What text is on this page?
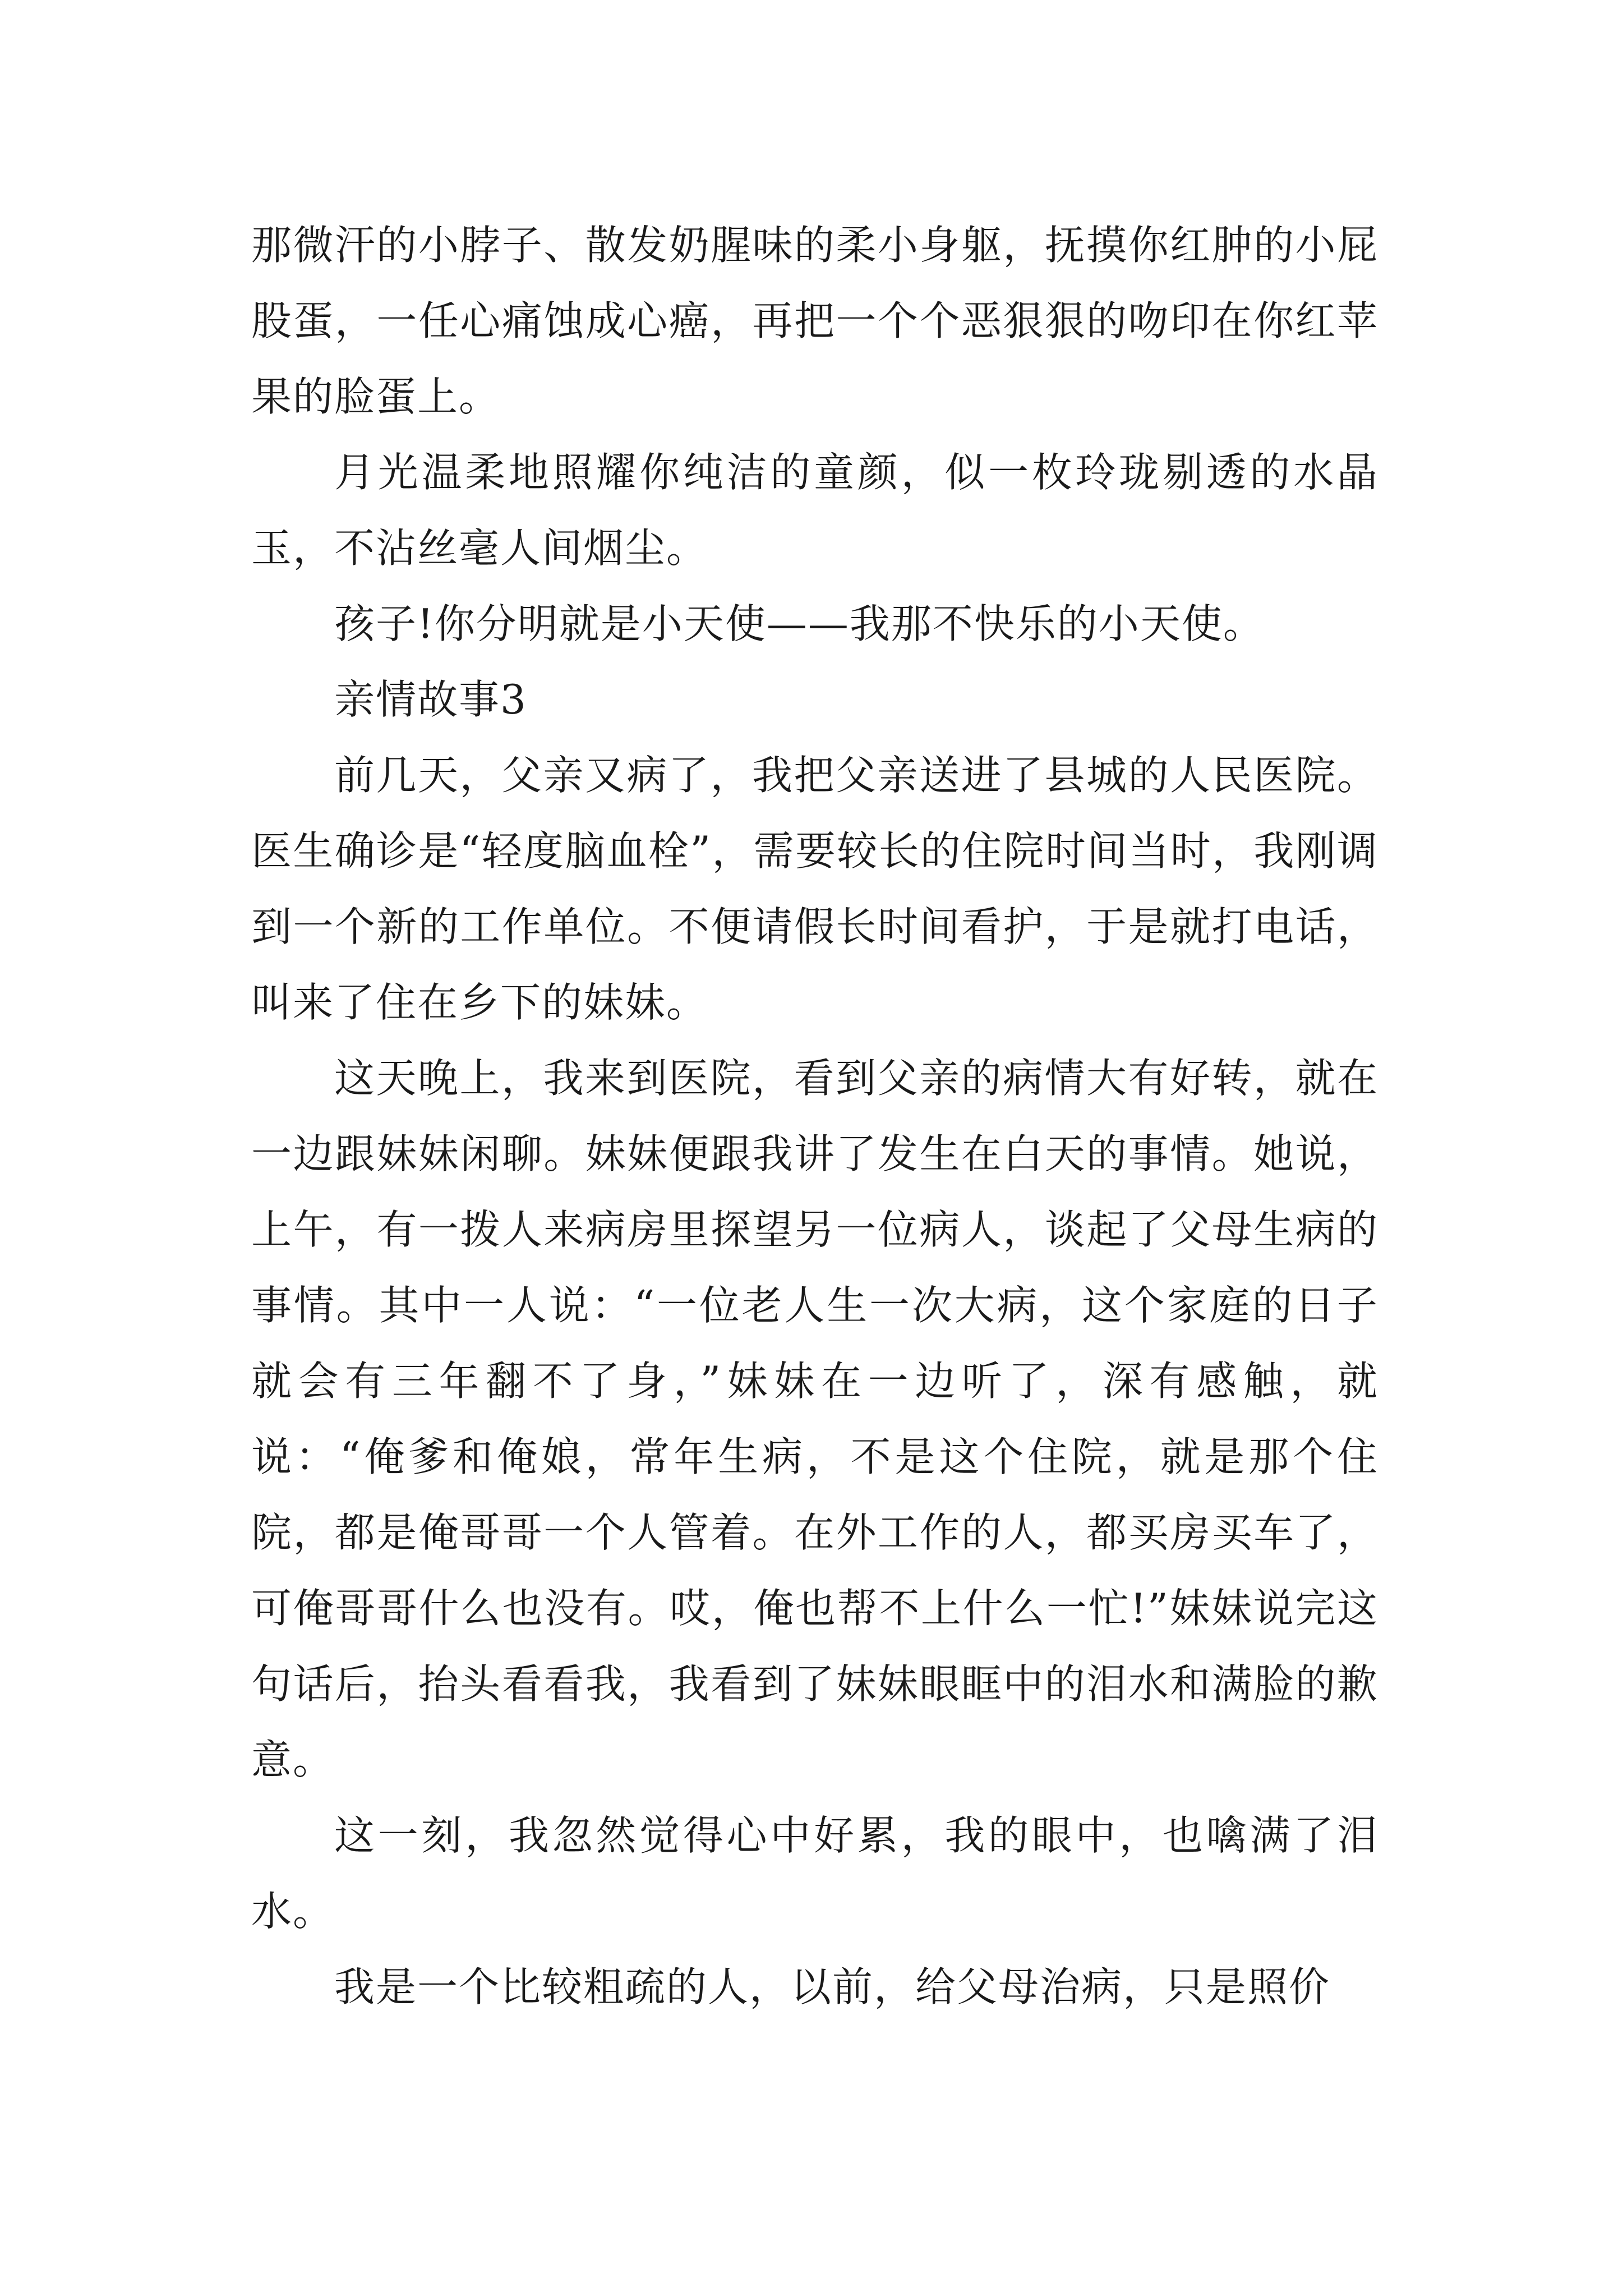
那微汗的小脖子、散发奶腥味的柔小身躯，抚摸你红肿的小屁股蛋，一任心痛蚀成心癌，再把一个个恶狠狠的吻印在你红苹果的脸蛋上。

月光温柔地照耀你纯洁的童颜，似一枚玲珑剔透的水晶玉，不沾丝毫人间烟尘。

孩子!你分明就是小天使——我那不快乐的小天使。

亲情故事3

前几天，父亲又病了，我把父亲送进了县城的人民医院。医生确诊是“轻度脑血栓”，需要较长的住院时间当时，我刚调到一个新的工作单位。不便请假长时间看护，于是就打电话，叫来了住在乡下的妹妹。

这天晚上，我来到医院，看到父亲的病情大有好转，就在一边跟妹妹闲聊。妹妹便跟我讲了发生在白天的事情。她说，上午，有一拨人来病房里探望另一位病人，谈起了父母生病的事情。其中一人说：“一位老人生一次大病，这个家庭的日子就会有三年翻不了身，”妹妹在一边听了，深有感触，就说：“俺爹和俺娘，常年生病，不是这个住院，就是那个住院，都是俺哥哥一个人管着。在外工作的人，都买房买车了，可俺哥哥什么也没有。哎，俺也帮不上什么一忙!”妹妹说完这句话后，抬头看看我，我看到了妹妹眼眶中的泪水和满脸的歉意。

这一刻，我忽然觉得心中好累，我的眼中，也噙满了泪水。

我是一个比较粗疏的人，以前，给父母治病，只是照价
